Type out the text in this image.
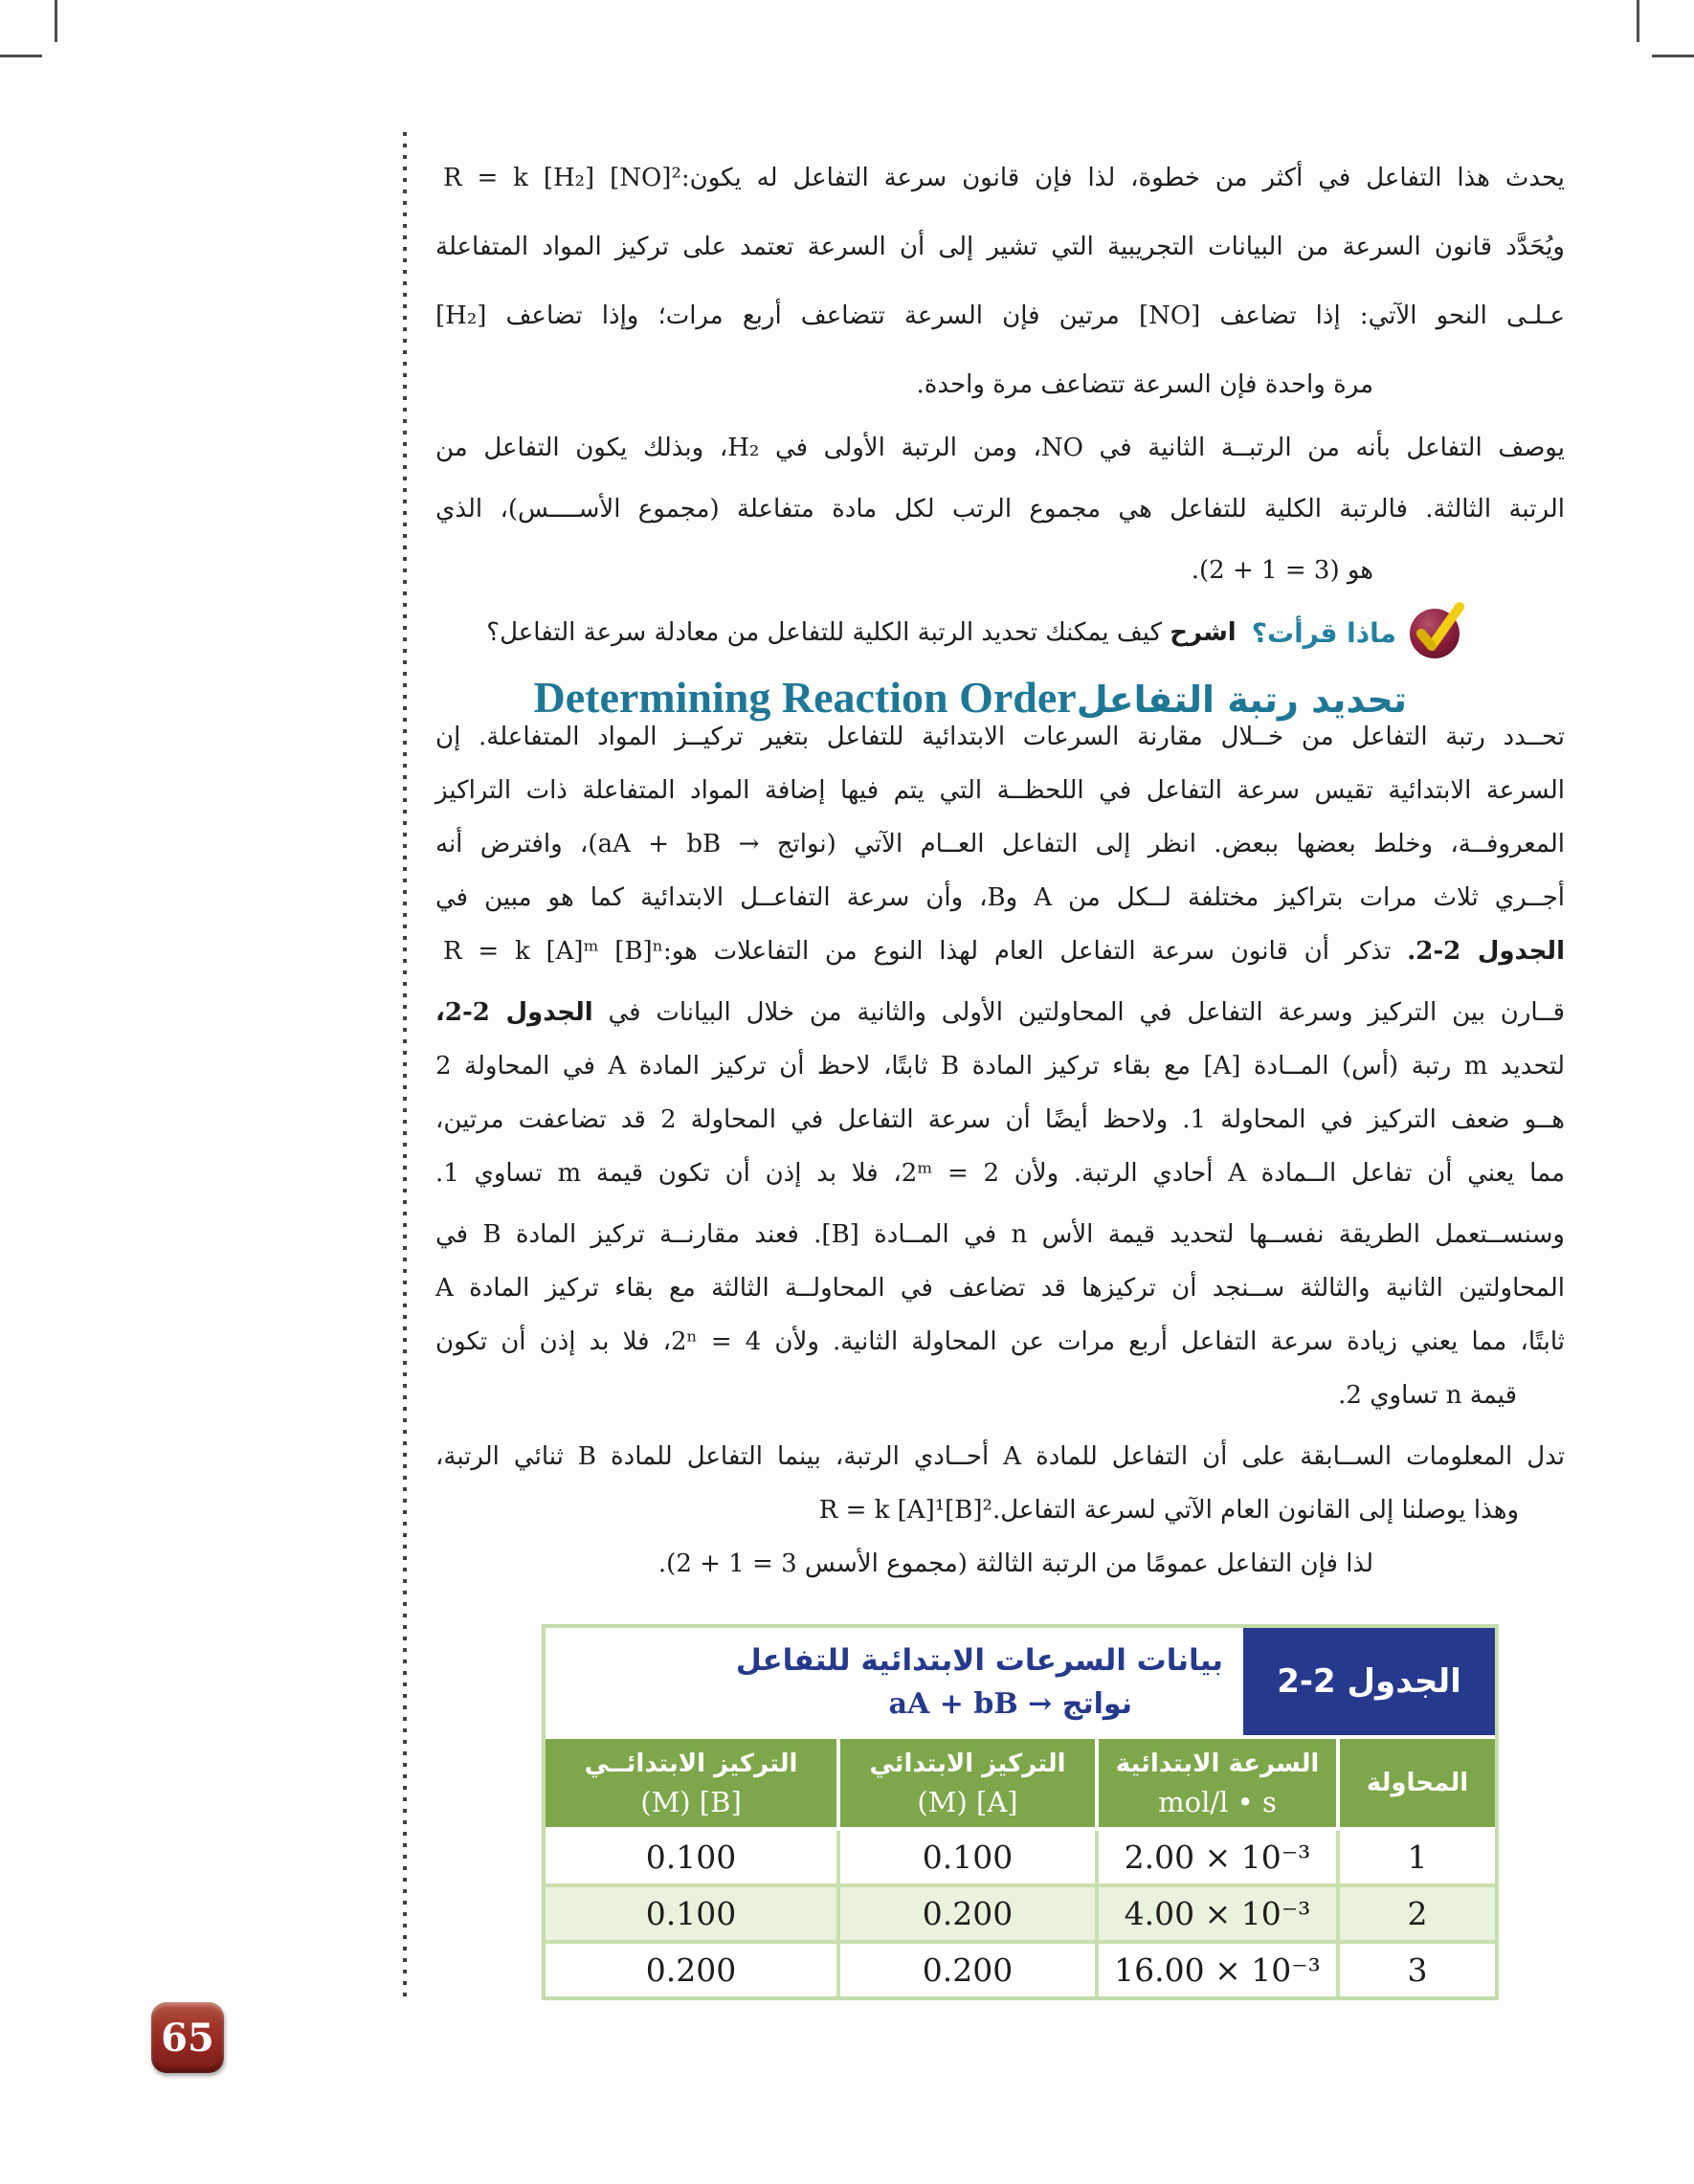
يحدث هذا التفاعل في أكثر من خطوة، لذا فإن قانون سرعة التفاعل له يكون:R = k [H₂] [NO]²
ويُحَدَّد قانون السرعة من البيانات التجريبية التي تشير إلى أن السرعة تعتمد على تركيز المواد المتفاعلة
عـلـى النحو الآتي: إذا تضاعف [NO] مرتين فإن السرعة تتضاعف أربع مرات؛ وإذا تضاعف [H₂]
مرة واحدة فإن السرعة تتضاعف مرة واحدة.
يوصف التفاعل بأنه من الرتبــة الثانية في NO، ومن الرتبة الأولى في H₂، وبذلك يكون التفاعل من
الرتبة الثالثة. فالرتبة الكلية للتفاعل هي مجموع الرتب لكل مادة متفاعلة (مجموع الأســــس)، الذي
هو (3 = 1 + 2).
ماذا قرأت؟
اشرح كيف يمكنك تحديد الرتبة الكلية للتفاعل من معادلة سرعة التفاعل؟
تحديد رتبة التفاعلDetermining Reaction Order
تحــدد رتبة التفاعل من خــلال مقارنة السرعات الابتدائية للتفاعل بتغير تركيــز المواد المتفاعلة. إن
السرعة الابتدائية تقيس سرعة التفاعل في اللحظــة التي يتم فيها إضافة المواد المتفاعلة ذات التراكيز
المعروفــة، وخلط بعضها ببعض. انظر إلى التفاعل العــام الآتي (⁦aA + bB → نواتج⁩)، وافترض أنه
أجــري ثلاث مرات بتراكيز مختلفة لــكل من A وB، وأن سرعة التفاعــل الابتدائية كما هو مبين في
الجدول 2-2. تذكر أن قانون سرعة التفاعل العام لهذا النوع من التفاعلات هو:R = k [A]ᵐ [B]ⁿ
قــارن بين التركيز وسرعة التفاعل في المحاولتين الأولى والثانية من خلال البيانات في الجدول 2-2،
لتحديد m رتبة (أس) المــادة [A] مع بقاء تركيز المادة B ثابتًا، لاحظ أن تركيز المادة A في المحاولة 2
هــو ضعف التركيز في المحاولة 1. ولاحظ أيضًا أن سرعة التفاعل في المحاولة 2 قد تضاعفت مرتين،
مما يعني أن تفاعل الــمادة A أحادي الرتبة. ولأن 2 = 2ᵐ، فلا بد إذن أن تكون قيمة m تساوي 1.
وسنســتعمل الطريقة نفســها لتحديد قيمة الأس n في المــادة [B]. فعند مقارنــة تركيز المادة B في
المحاولتين الثانية والثالثة ســنجد أن تركيزها قد تضاعف في المحاولــة الثالثة مع بقاء تركيز المادة A
ثابتًا، مما يعني زيادة سرعة التفاعل أربع مرات عن المحاولة الثانية. ولأن 4 = 2ⁿ، فلا بد إذن أن تكون
قيمة n تساوي 2.
تدل المعلومات الســابقة على أن التفاعل للمادة A أحــادي الرتبة، بينما التفاعل للمادة B ثنائي الرتبة،
وهذا يوصلنا إلى القانون العام الآتي لسرعة التفاعل.R = k [A]¹[B]²
لذا فإن التفاعل عمومًا من الرتبة الثالثة (مجموع الأسس 3 = 1 + 2).
الجدول 2-2
بيانات السرعات الابتدائية للتفاعل
aA + bB → نواتج
المحاولة
السرعة الابتدائية
mol/l • s
التركيز الابتدائي
[A] (M)
التركيز الابتدائــي
[B] (M)
1
2.00 × 10⁻³
0.100
0.100
2
4.00 × 10⁻³
0.200
0.100
3
16.00 × 10⁻³
0.200
0.200
65
